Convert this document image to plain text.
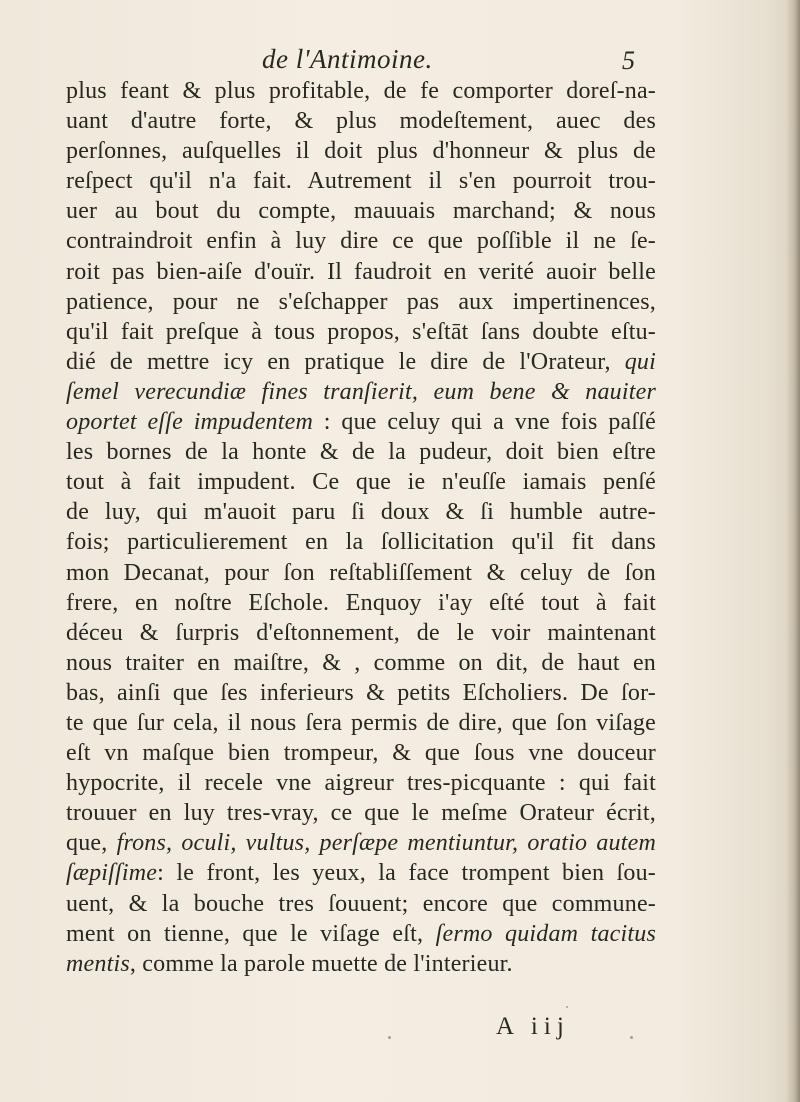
de l'Antimoine.	5
plus feant & plus profitable, de fe comporter doreſ-na-
uant d'autre forte, & plus modeſtement, auec des
perſonnes, auſquelles il doit plus d'honneur & plus de
reſpect qu'il n'a fait. Autrement il s'en pourroit trou-
uer au bout du compte, mauuais marchand; & nous
contraindroit enfin à luy dire ce que poſſible il ne ſe-
roit pas bien-aiſe d'ouïr. Il faudroit en verité auoir belle
patience, pour ne s'eſchapper pas aux impertinences,
qu'il fait preſque à tous propos, s'eſtāt ſans doubte eſtu-
dié de mettre icy en pratique le dire de l'Orateur, qui
ſemel verecundiæ fines tranſierit, eum bene & nauiter
oportet eſſe impudentem : que celuy qui a vne fois paſſé
les bornes de la honte & de la pudeur, doit bien eſtre
tout à fait impudent. Ce que ie n'euſſe iamais penſé
de luy, qui m'auoit paru ſi doux & ſi humble autre-
fois; particulierement en la ſollicitation qu'il fit dans
mon Decanat, pour ſon reſtabliſſement & celuy de ſon
frere, en noſtre Eſchole. Enquoy i'ay eſté tout à fait
déceu & ſurpris d'eſtonnement, de le voir maintenant
nous traiter en maiſtre, & , comme on dit, de haut en
bas, ainſi que ſes inferieurs & petits Eſcholiers. De ſor-
te que ſur cela, il nous ſera permis de dire, que ſon viſage
eſt vn maſque bien trompeur, & que ſous vne douceur
hypocrite, il recele vne aigreur tres-picquante : qui fait
trouuer en luy tres-vray, ce que le meſme Orateur écrit,
que, frons, oculi, vultus, perſæpe mentiuntur, oratio autem
ſæpiſſime: le front, les yeux, la face trompent bien ſou-
uent, & la bouche tres ſouuent; encore que commune-
ment on tienne, que le viſage eſt, ſermo quidam tacitus
mentis, comme la parole muette de l'interieur.
A iij
